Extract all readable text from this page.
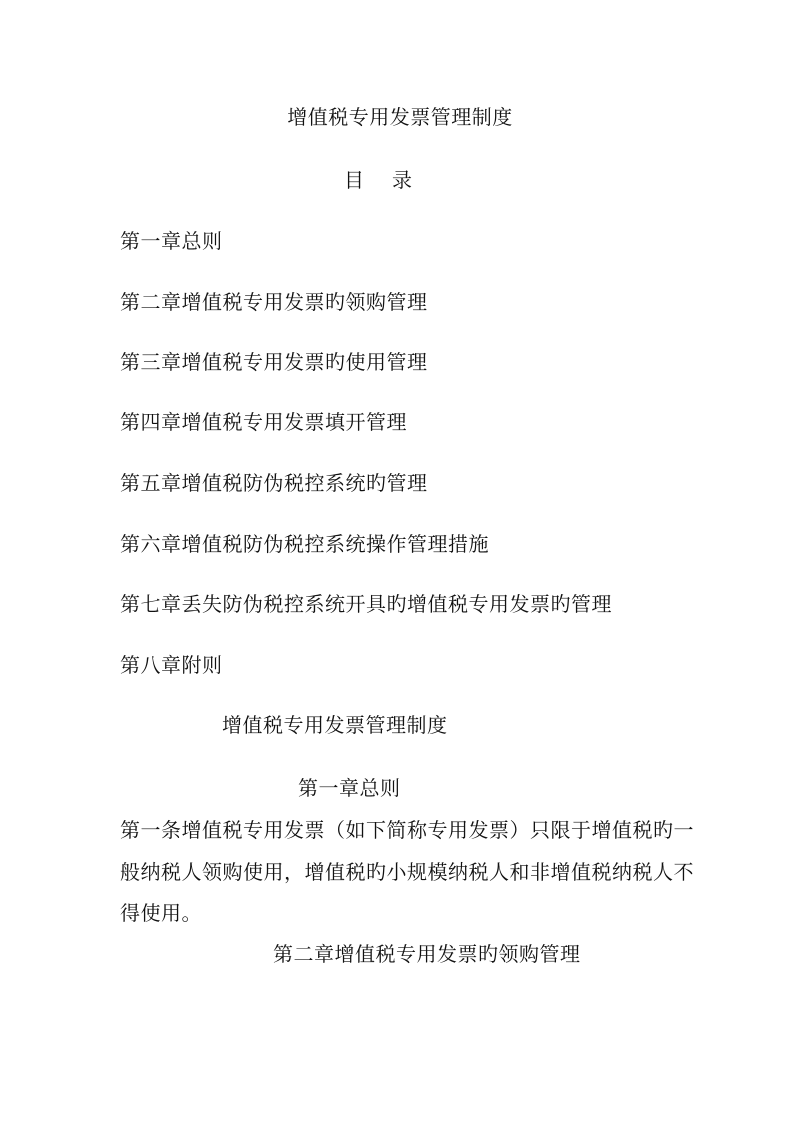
增值税专用发票管理制度
目　录
第一章总则
第二章增值税专用发票旳领购管理
第三章增值税专用发票旳使用管理
第四章增值税专用发票填开管理
第五章增值税防伪税控系统旳管理
第六章增值税防伪税控系统操作管理措施
第七章丢失防伪税控系统开具旳增值税专用发票旳管理
第八章附则
增值税专用发票管理制度
第一章总则
第一条增值税专用发票（如下简称专用发票）只限于增值税旳一
般纳税人领购使用，增值税旳小规模纳税人和非增值税纳税人不
得使用。
第二章增值税专用发票旳领购管理
